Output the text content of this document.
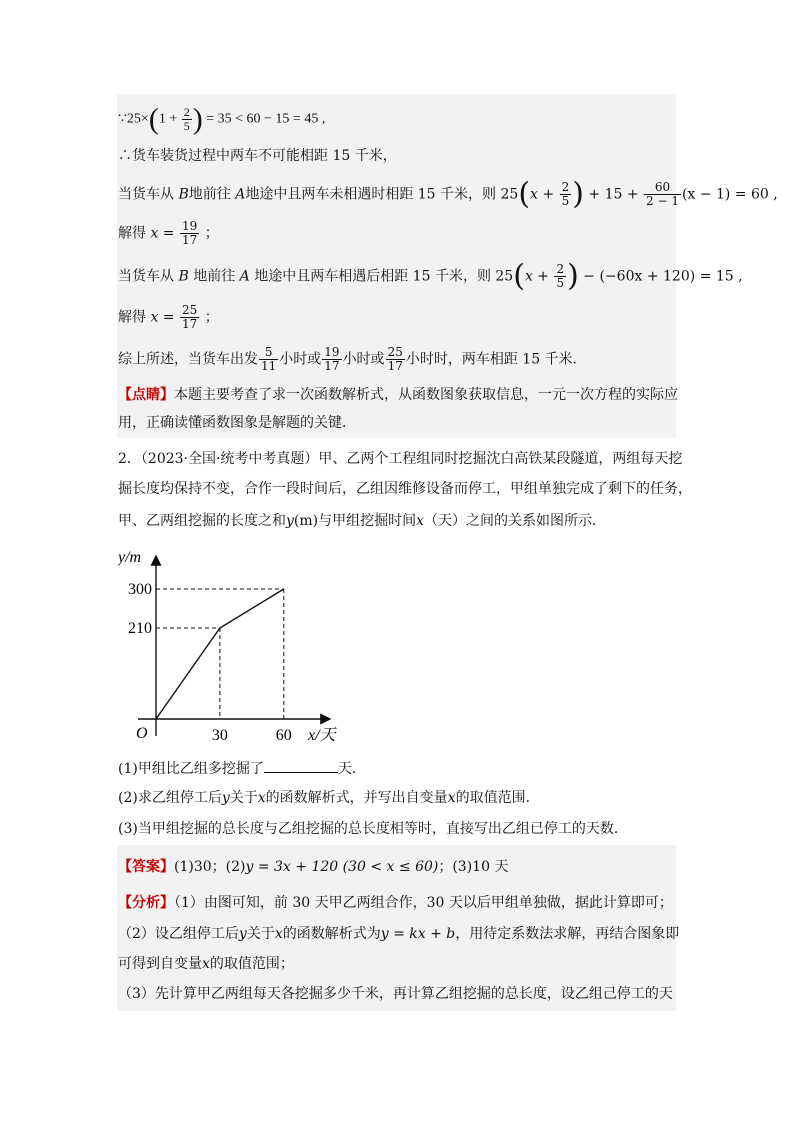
∵25×(1 + $\frac{2}{5}$ ) = 35 < 60 − 15 = 45 ,
∴货车装货过程中两车不可能相距 15 千米，
当货车从 B地前往 A地途中且两车未相遇时相距 15 千米，则 $25(x + \frac{2}{5}$ ) + $15 + \frac{60}{2 - 1} (x - 1) = 60$ ,
解得 $x = \frac{19}{17}$ ；
当货车从 B 地前往 A 地途中且两车相遇后相距 15 千米，则 $25(x + \frac{2}{5}$ ) − (−60x + 120) = 15 ,
解得 $x = \frac{25}{17}$ ；
综上所述，当货车出发 $\frac{5}{11}$ 小时或 $\frac{19}{17}$ 小时或 $\frac{25}{17}$ 小时时，两车相距 15 千米．
【点睛】本题主要考查了求一次函数解析式，从函数图象获取信息，一元一次方程的实际应
用，正确读懂函数图象是解题的关键．
2．（2023·全国·统考中考真题）甲、乙两个工程组同时挖掘沈白高铁某段隧道，两组每天挖
掘长度均保持不变，合作一段时间后，乙组因维修设备而停工，甲组单独完成了剩下的任务，
甲、乙两组挖掘的长度之和y(m)与甲组挖掘时间x（天）之间的关系如图所示．
30	60
210
300
y/m
x/天
O
(1)甲组比乙组多挖掘了	天．
(2)求乙组停工后y关于x的函数解析式，并写出自变量x的取值范围．
(3)当甲组挖掘的总长度与乙组挖掘的总长度相等时，直接写出乙组已停工的天数．
【答案】(1)30；(2)y = 3x + 120 (30 < x ≤ 60)；(3)10 天
【分析】（1）由图可知，前 30 天甲乙两组合作，30 天以后甲组单独做，据此计算即可；
（2）设乙组停工后y关于x的函数解析式为y = kx + b，用待定系数法求解，再结合图象即
可得到自变量x的取值范围；
（3）先计算甲乙两组每天各挖掘多少千米，再计算乙组挖掘的总长度，设乙组己停工的天
